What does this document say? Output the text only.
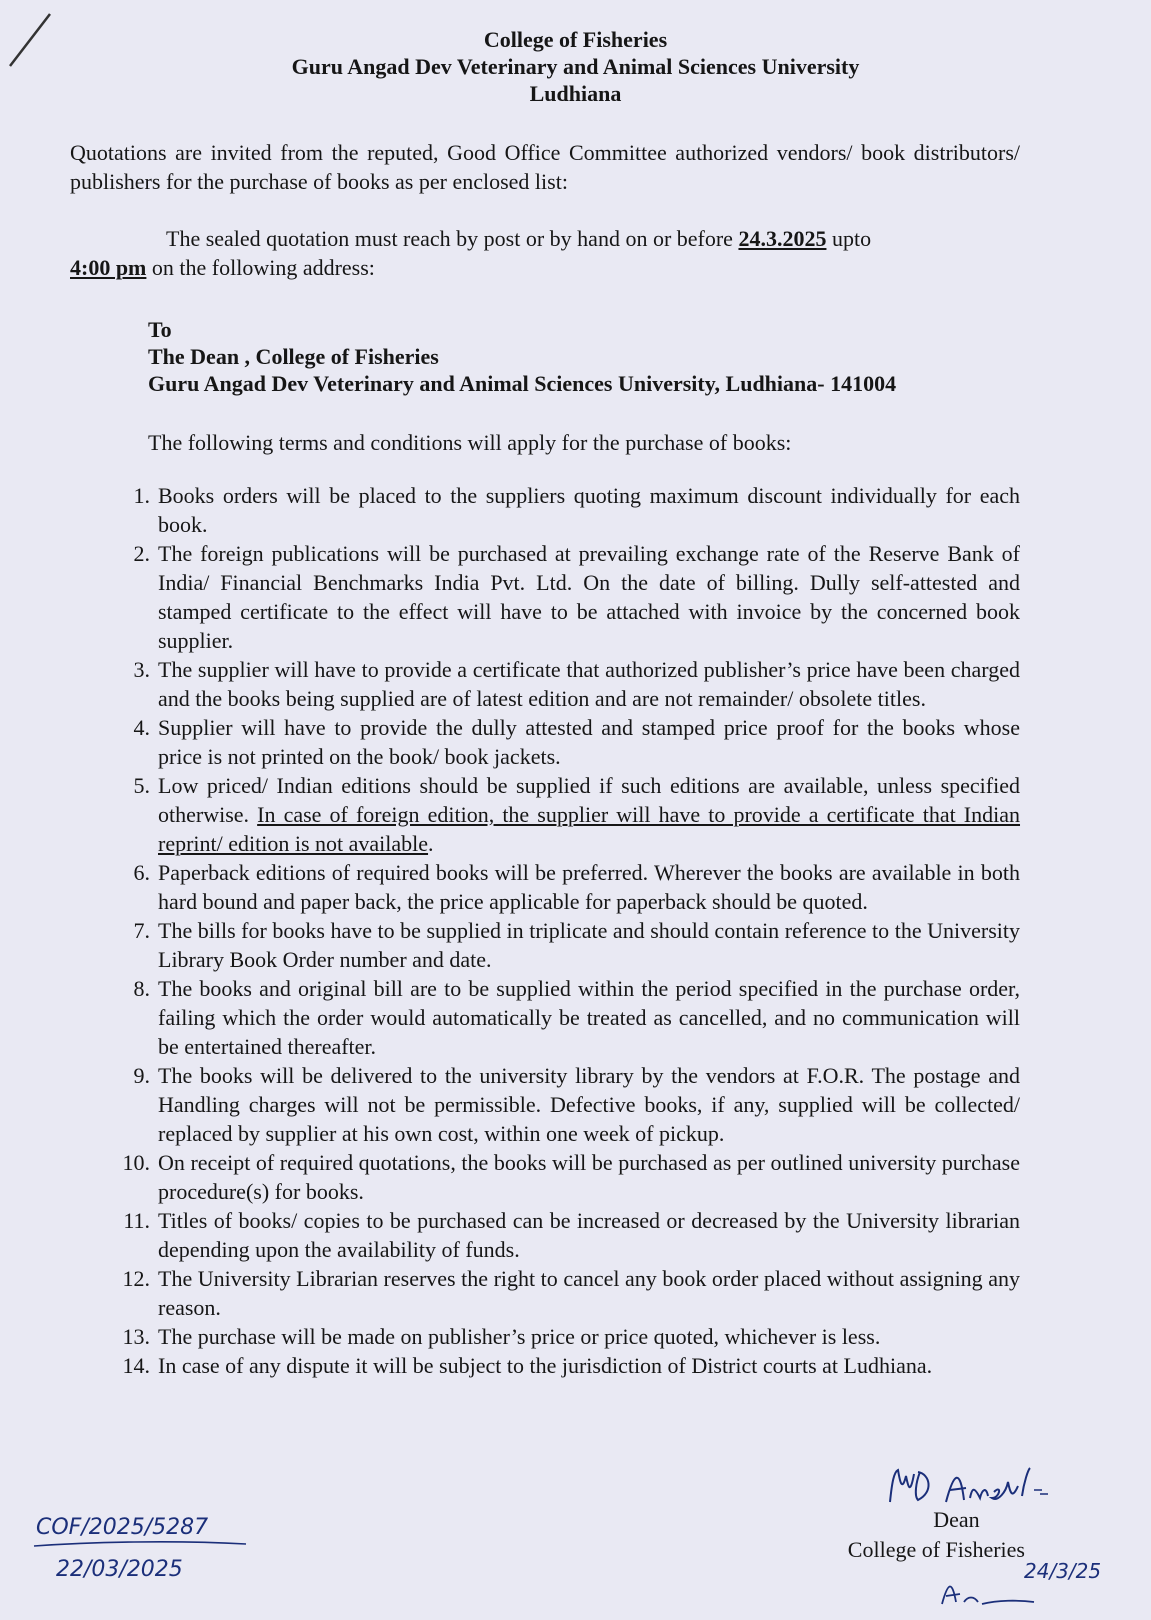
College of Fisheries
Guru Angad Dev Veterinary and Animal Sciences University
Ludhiana
Quotations are invited from the reputed, Good Office Committee authorized vendors/ book distributors/ publishers for the purchase of books as per enclosed list:
The sealed quotation must reach by post or by hand on or before 24.3.2025 upto
4:00 pm on the following address:
To
The Dean , College of Fisheries
Guru Angad Dev Veterinary and Animal Sciences University, Ludhiana- 141004
The following terms and conditions will apply for the purchase of books:
1. Books orders will be placed to the suppliers quoting maximum discount individually for each book.
2. The foreign publications will be purchased at prevailing exchange rate of the Reserve Bank of India/ Financial Benchmarks India Pvt. Ltd. On the date of billing. Dully self-attested and stamped certificate to the effect will have to be attached with invoice by the concerned book supplier.
3. The supplier will have to provide a certificate that authorized publisher’s price have been charged and the books being supplied are of latest edition and are not remainder/ obsolete titles.
4. Supplier will have to provide the dully attested and stamped price proof for the books whose price is not printed on the book/ book jackets.
5. Low priced/ Indian editions should be supplied if such editions are available, unless specified otherwise. In case of foreign edition, the supplier will have to provide a certificate that Indian reprint/ edition is not available.
6. Paperback editions of required books will be preferred. Wherever the books are available in both hard bound and paper back, the price applicable for paperback should be quoted.
7. The bills for books have to be supplied in triplicate and should contain reference to the University Library Book Order number and date.
8. The books and original bill are to be supplied within the period specified in the purchase order, failing which the order would automatically be treated as cancelled, and no communication will be entertained thereafter.
9. The books will be delivered to the university library by the vendors at F.O.R. The postage and Handling charges will not be permissible. Defective books, if any, supplied will be collected/ replaced by supplier at his own cost, within one week of pickup.
10. On receipt of required quotations, the books will be purchased as per outlined university purchase procedure(s) for books.
11. Titles of books/ copies to be purchased can be increased or decreased by the University librarian depending upon the availability of funds.
12. The University Librarian reserves the right to cancel any book order placed without assigning any reason.
13. The purchase will be made on publisher’s price or price quoted, whichever is less.
14. In case of any dispute it will be subject to the jurisdiction of District courts at Ludhiana.
Dean
College of Fisheries
COF/2025/5287
22/03/2025	24/3/25
